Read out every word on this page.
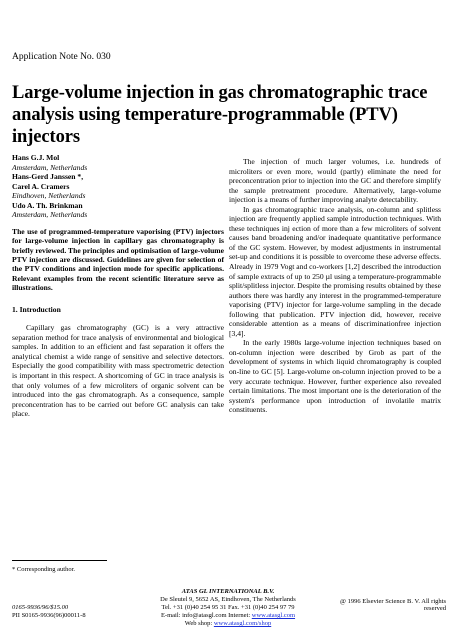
Application Note No. 030
Large-volume injection in gas chromatographic trace analysis using temperature-programmable (PTV) injectors
Hans G.J. Mol
Amsterdam, Netherlands
Hans-Gerd Janssen *,
Carel A. Cramers
Eindhoven, Netherlands
Udo A. Th. Brinkman
Amsterdam, Netherlands
The use of programmed-temperature vaporising (PTV) injectors for large-volume injection in capillary gas chromatography is briefly reviewed. The principles and optimisation of large-volume PTV injection are discussed. Guidelines are given for selection of the PTV conditions and injection mode for specific applications. Relevant examples from the recent scientific literature serve as illustrations.
1. Introduction

Capillary gas chromatography (GC) is a very attractive separation method for trace analysis of environmental and biological samples. In addition to an efficient and fast separation it offers the analytical chemist a wide range of sensitive and selective detectors. Especially the good compatibility with mass spectrometric detection is important in this respect. A shortcoming of GC in trace analysis is that only volumes of a few microliters of organic solvent can be introduced into the gas chromatograph. As a consequence, sample preconcentration has to be carried out before GC analysis can take place.

The injection of much larger volumes, i.e. hundreds of microliters or even more, would (partly) eliminate the need for preconcentration prior to injection into the GC and therefore simplify the sample pretreatment procedure. Alternatively, large-volume injection is a means of further improving analyte detectability.

In gas chromatographic trace analysis, on-column and splitless injection are frequently applied sample introduction techniques. With these techniques inj ection of more than a few microliters of solvent causes band broadening and/or inadequate quantitative performance of the GC system. However, by modest adjustments in instrumental set-up and conditions it is possible to overcome these adverse effects. Already in 1979 Vogt and co-workers [1,2] described the introduction of sample extracts of up to 250 µl using a temperature-programmable split/splitless injector. Despite the promising results obtained by these authors there was hardly any interest in the programmed-temperature vaporising (PTV) injector for large-volume sampling in the decade following that publication. PTV injection did, however, receive considerable attention as a means of discriminationfree injection [3,4].

In the early 1980s large-volume injection techniques based on on-column injection were described by Grob as part of the development of systems in which liquid chromatography is coupled on-line to GC [5]. Large-volume on-column injection proved to be a very accurate technique. However, further experience also revealed certain limitations. The most important one is the deterioration of the system's performance upon introduction of involatile matrix constituents.

* Corresponding author.
ATAS GL INTERNATIONAL B.V.
De Sleutel 9, 5652 AS, Eindhoven, The Netherlands
Tel. +31 (0)40 254 95 31 Fax. +31 (0)40 254 97 79
E-mail: info@atasgl.com Internet: www.atasgl.com
Web shop: www.atasgl.com/shop
0165-9936/96/$15.00
PII S0165-9936(96)00011-8
@ 1996 Elsevier Science B. V. All rights reserved
